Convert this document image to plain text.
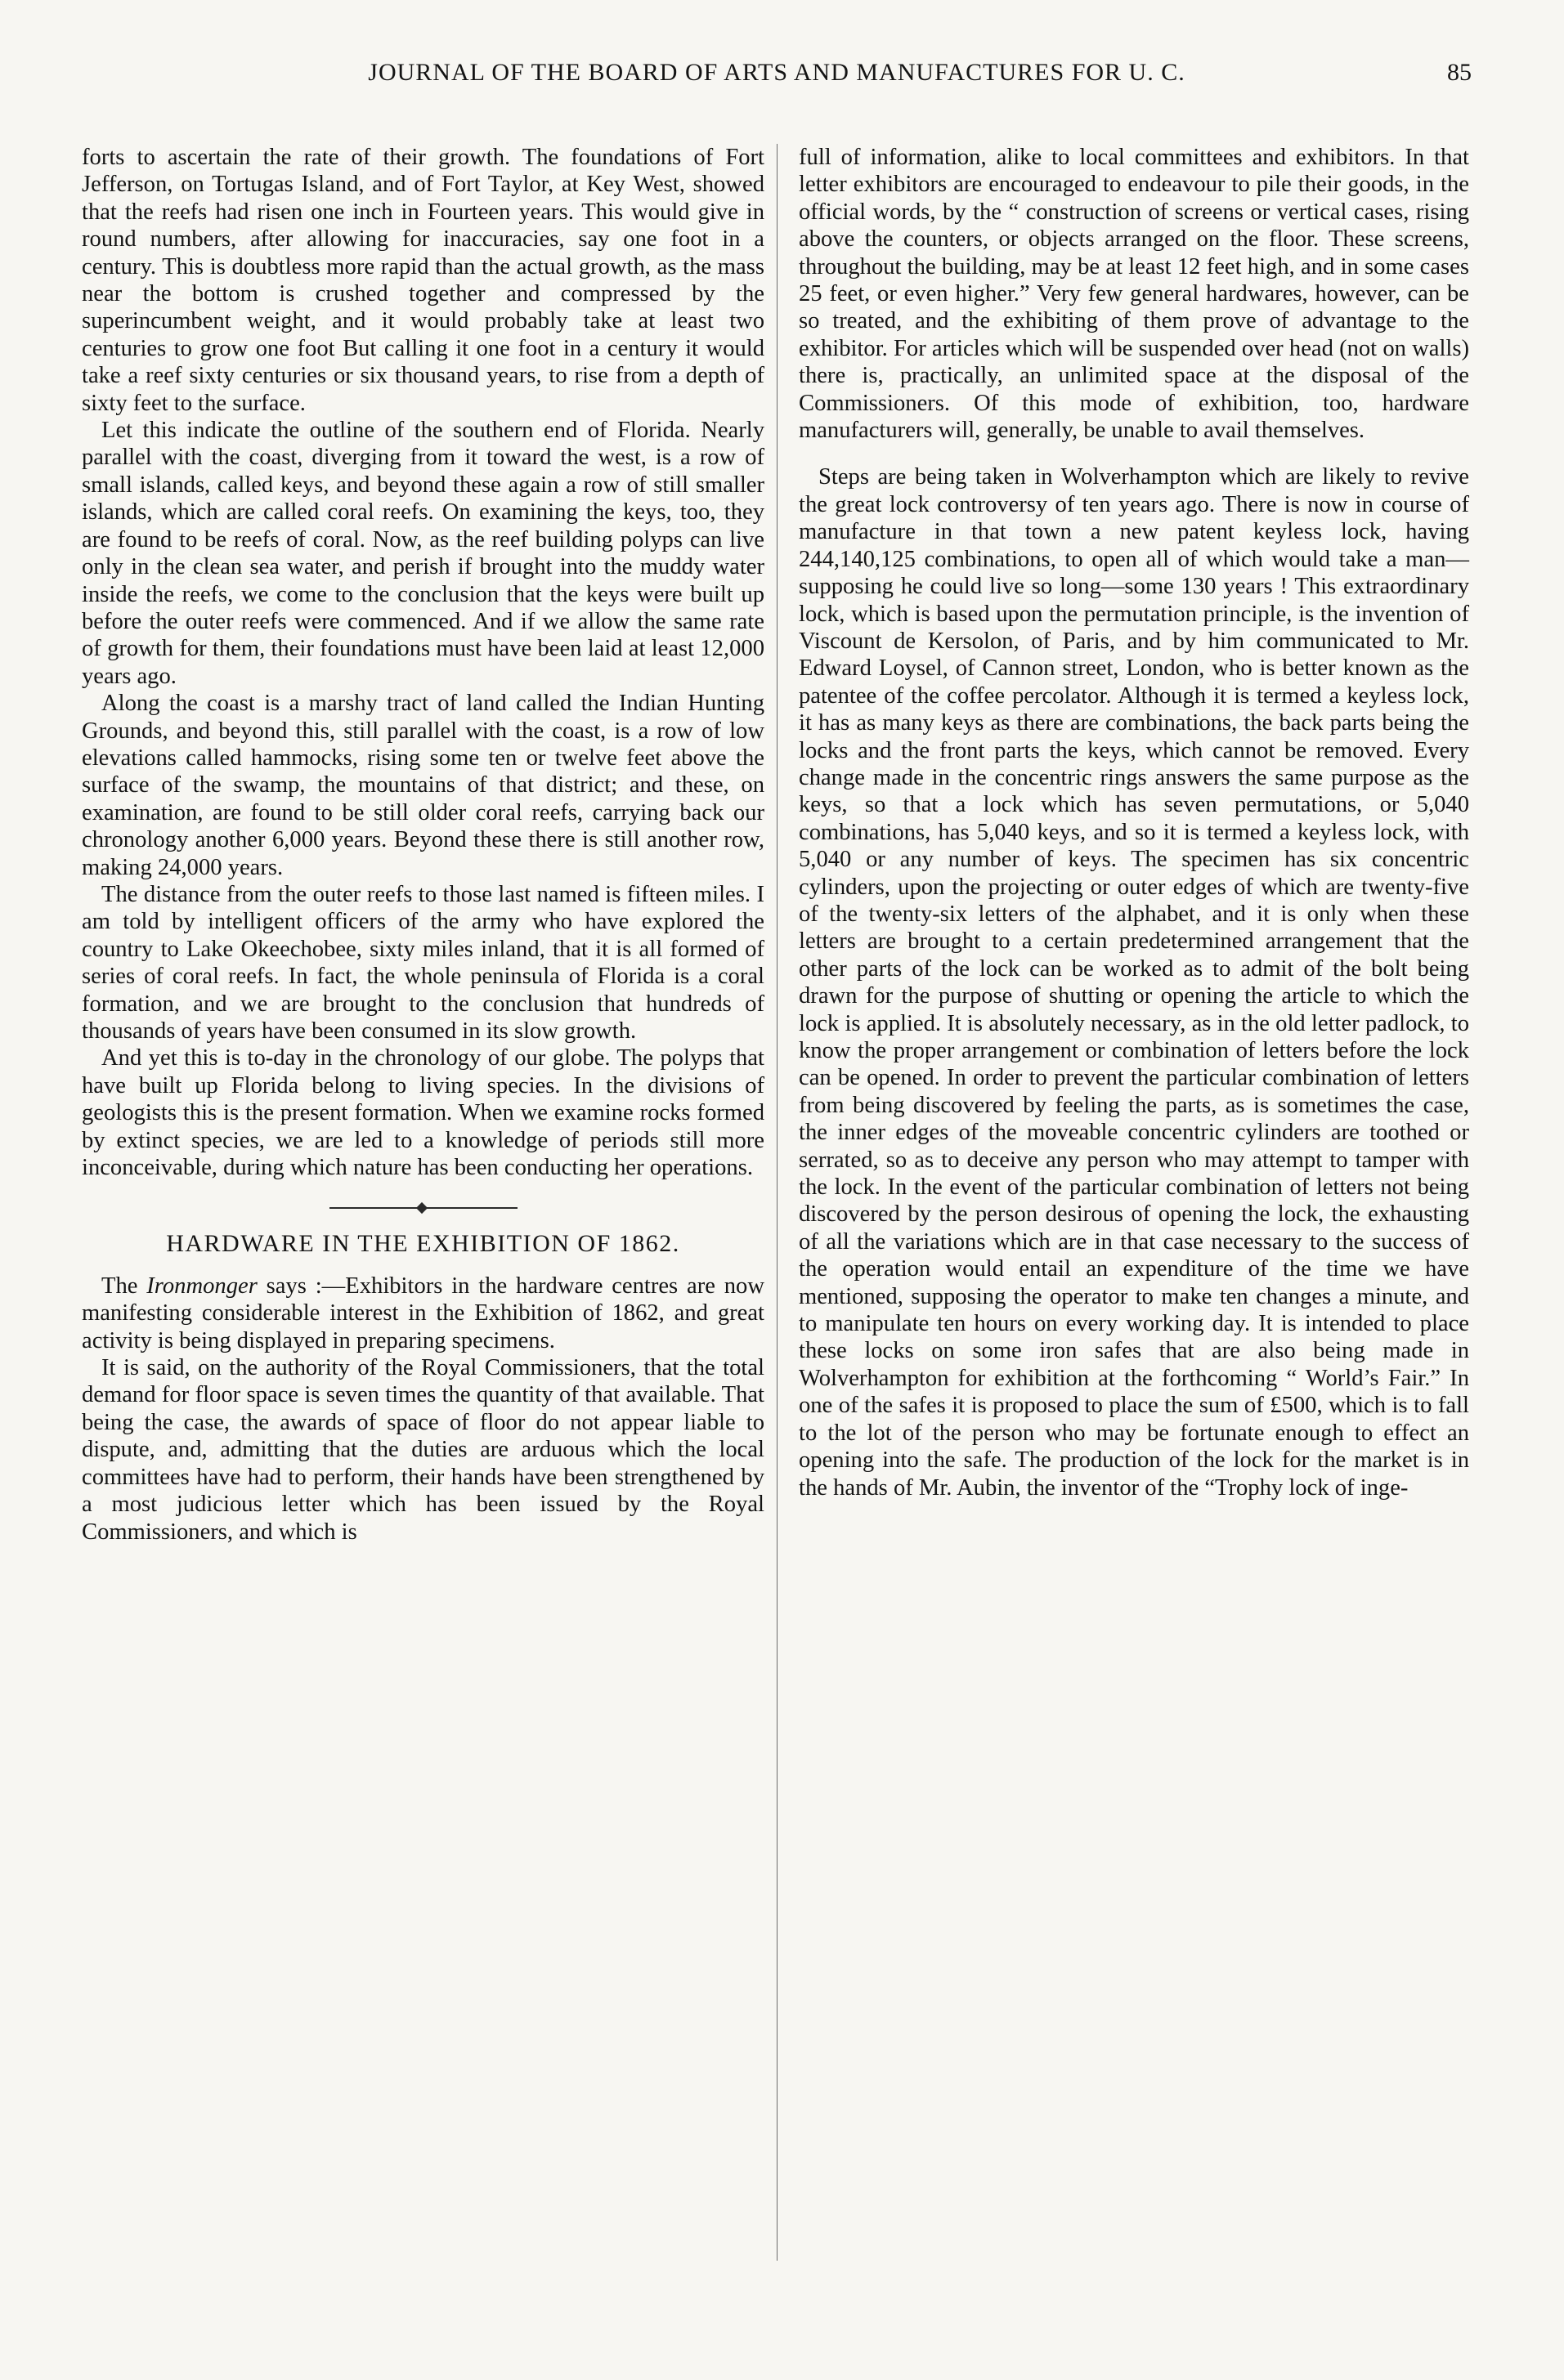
JOURNAL OF THE BOARD OF ARTS AND MANUFACTURES FOR U. C.	85

forts to ascertain the rate of their growth. The foundations of Fort Jefferson, on Tortugas Island, and of Fort Taylor, at Key West, showed that the reefs had risen one inch in Fourteen years. This would give in round numbers, after allowing for inaccuracies, say one foot in a century. This is doubtless more rapid than the actual growth, as the mass near the bottom is crushed together and compressed by the superincumbent weight, and it would probably take at least two centuries to grow one foot But calling it one foot in a century it would take a reef sixty centuries or six thousand years, to rise from a depth of sixty feet to the surface.

Let this indicate the outline of the southern end of Florida. Nearly parallel with the coast, diverging from it toward the west, is a row of small islands, called keys, and beyond these again a row of still smaller islands, which are called coral reefs. On examining the keys, too, they are found to be reefs of coral. Now, as the reef building polyps can live only in the clean sea water, and perish if brought into the muddy water inside the reefs, we come to the conclusion that the keys were built up before the outer reefs were commenced. And if we allow the same rate of growth for them, their foundations must have been laid at least 12,000 years ago.

Along the coast is a marshy tract of land called the Indian Hunting Grounds, and beyond this, still parallel with the coast, is a row of low elevations called hammocks, rising some ten or twelve feet above the surface of the swamp, the mountains of that district; and these, on examination, are found to be still older coral reefs, carrying back our chronology another 6,000 years. Beyond these there is still another row, making 24,000 years.

The distance from the outer reefs to those last named is fifteen miles. I am told by intelligent officers of the army who have explored the country to Lake Okeechobee, sixty miles inland, that it is all formed of series of coral reefs. In fact, the whole peninsula of Florida is a coral formation, and we are brought to the conclusion that hundreds of thousands of years have been consumed in its slow growth.

And yet this is to-day in the chronology of our globe. The polyps that have built up Florida belong to living species. In the divisions of geologists this is the present formation. When we examine rocks formed by extinct species, we are led to a knowledge of periods still more inconceivable, during which nature has been conducting her operations.

HARDWARE IN THE EXHIBITION OF 1862.

The Ironmonger says :—Exhibitors in the hardware centres are now manifesting considerable interest in the Exhibition of 1862, and great activity is being displayed in preparing specimens.

It is said, on the authority of the Royal Commissioners, that the total demand for floor space is seven times the quantity of that available. That being the case, the awards of space of floor do not appear liable to dispute, and, admitting that the duties are arduous which the local committees have had to perform, their hands have been strengthened by a most judicious letter which has been issued by the Royal Commissioners, and which is

full of information, alike to local committees and exhibitors. In that letter exhibitors are encouraged to endeavour to pile their goods, in the official words, by the “ construction of screens or vertical cases, rising above the counters, or objects arranged on the floor. These screens, throughout the building, may be at least 12 feet high, and in some cases 25 feet, or even higher.” Very few general hardwares, however, can be so treated, and the exhibiting of them prove of advantage to the exhibitor. For articles which will be suspended over head (not on walls) there is, practically, an unlimited space at the disposal of the Commissioners. Of this mode of exhibition, too, hardware manufacturers will, generally, be unable to avail themselves.

Steps are being taken in Wolverhampton which are likely to revive the great lock controversy of ten years ago. There is now in course of manufacture in that town a new patent keyless lock, having 244,140,125 combinations, to open all of which would take a man—supposing he could live so long—some 130 years ! This extraordinary lock, which is based upon the permutation principle, is the invention of Viscount de Kersolon, of Paris, and by him communicated to Mr. Edward Loysel, of Cannon street, London, who is better known as the patentee of the coffee percolator. Although it is termed a keyless lock, it has as many keys as there are combinations, the back parts being the locks and the front parts the keys, which cannot be removed. Every change made in the concentric rings answers the same purpose as the keys, so that a lock which has seven permutations, or 5,040 combinations, has 5,040 keys, and so it is termed a keyless lock, with 5,040 or any number of keys. The specimen has six concentric cylinders, upon the projecting or outer edges of which are twenty-five of the twenty-six letters of the alphabet, and it is only when these letters are brought to a certain predetermined arrangement that the other parts of the lock can be worked as to admit of the bolt being drawn for the purpose of shutting or opening the article to which the lock is applied. It is absolutely necessary, as in the old letter padlock, to know the proper arrangement or combination of letters before the lock can be opened. In order to prevent the particular combination of letters from being discovered by feeling the parts, as is sometimes the case, the inner edges of the moveable concentric cylinders are toothed or serrated, so as to deceive any person who may attempt to tamper with the lock. In the event of the particular combination of letters not being discovered by the person desirous of opening the lock, the exhausting of all the variations which are in that case necessary to the success of the operation would entail an expenditure of the time we have mentioned, supposing the operator to make ten changes a minute, and to manipulate ten hours on every working day. It is intended to place these locks on some iron safes that are also being made in Wolverhampton for exhibition at the forthcoming “ World’s Fair.” In one of the safes it is proposed to place the sum of £500, which is to fall to the lot of the person who may be fortunate enough to effect an opening into the safe. The production of the lock for the market is in the hands of Mr. Aubin, the inventor of the “Trophy lock of inge-
